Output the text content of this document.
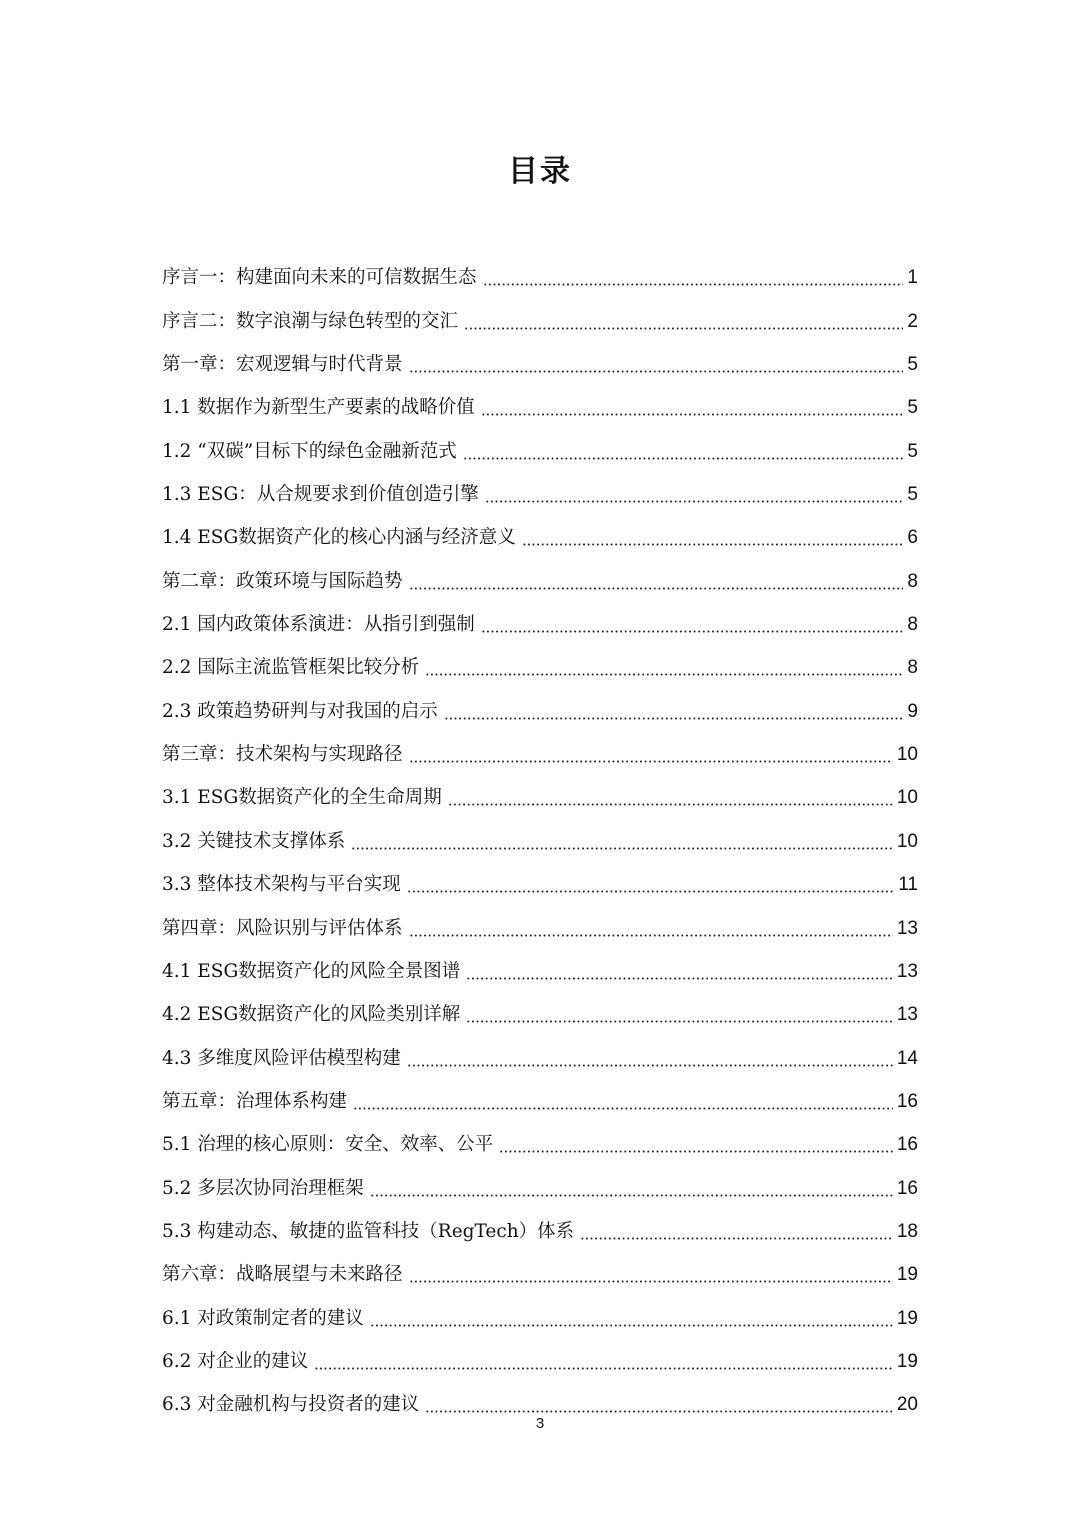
目录
序言一：构建面向未来的可信数据生态	1
序言二：数字浪潮与绿色转型的交汇	2
第一章：宏观逻辑与时代背景	5
1.1 数据作为新型生产要素的战略价值	5
1.2 “双碳”目标下的绿色金融新范式	5
1.3 ESG：从合规要求到价值创造引擎	5
1.4 ESG数据资产化的核心内涵与经济意义	6
第二章：政策环境与国际趋势	8
2.1 国内政策体系演进：从指引到强制	8
2.2 国际主流监管框架比较分析	8
2.3 政策趋势研判与对我国的启示	9
第三章：技术架构与实现路径	10
3.1 ESG数据资产化的全生命周期	10
3.2 关键技术支撑体系	10
3.3 整体技术架构与平台实现	11
第四章：风险识别与评估体系	13
4.1 ESG数据资产化的风险全景图谱	13
4.2 ESG数据资产化的风险类别详解	13
4.3 多维度风险评估模型构建	14
第五章：治理体系构建	16
5.1 治理的核心原则：安全、效率、公平	16
5.2 多层次协同治理框架	16
5.3 构建动态、敏捷的监管科技（RegTech）体系	18
第六章：战略展望与未来路径	19
6.1 对政策制定者的建议	19
6.2 对企业的建议	19
6.3 对金融机构与投资者的建议	20
3
